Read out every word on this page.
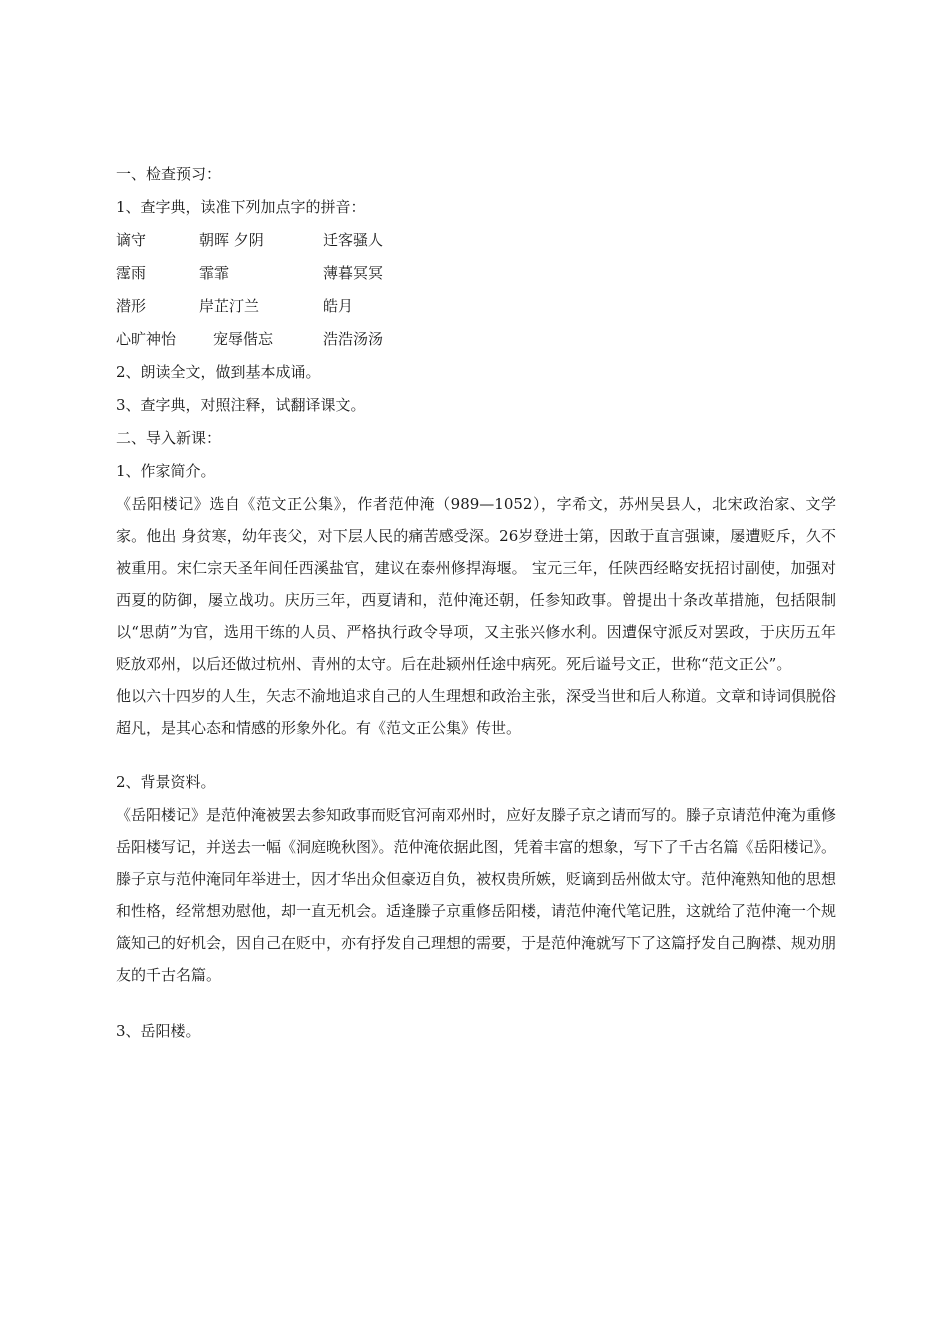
一、检查预习：
1、查字典，读准下列加点字的拼音：
谪守	朝晖 夕阴	迁客骚人
霪雨	霏霏	薄暮冥冥
潜形	岸芷汀兰	皓月
心旷神怡	宠辱偕忘	浩浩汤汤
2、朗读全文，做到基本成诵。
3、查字典，对照注释，试翻译课文。
二、导入新课：
1、作家简介。

《岳阳楼记》选自《范文正公集》，作者范仲淹（989—1052），字希文，苏州吴县人，北宋政治家、文学家。他出 身贫寒，幼年丧父，对下层人民的痛苦感受深。26岁登进士第，因敢于直言强谏，屡遭贬斥，久不被重用。宋仁宗天圣年间任西溪盐官，建议在泰州修捍海堰。 宝元三年，任陕西经略安抚招讨副使，加强对西夏的防御，屡立战功。庆历三年，西夏请和，范仲淹还朝，任参知政事。曾提出十条改革措施，包括限制以“思荫”为官，选用干练的人员、严格执行政令导项，又主张兴修水利。因遭保守派反对罢政，于庆历五年贬放邓州，以后还做过杭州、青州的太守。后在赴颍州任途中病死。死后谥号文正，世称“范文正公”。

他以六十四岁的人生，矢志不渝地追求自己的人生理想和政治主张，深受当世和后人称道。文章和诗词俱脱俗超凡，是其心态和情感的形象外化。有《范文正公集》传世。

2、背景资料。

《岳阳楼记》是范仲淹被罢去参知政事而贬官河南邓州时，应好友滕子京之请而写的。滕子京请范仲淹为重修岳阳楼写记，并送去一幅《洞庭晚秋图》。范仲淹依据此图，凭着丰富的想象，写下了千古名篇《岳阳楼记》。滕子京与范仲淹同年举进士，因才华出众但豪迈自负，被权贵所嫉，贬谪到岳州做太守。范仲淹熟知他的思想和性格，经常想劝慰他，却一直无机会。适逢滕子京重修岳阳楼，请范仲淹代笔记胜，这就给了范仲淹一个规箴知己的好机会，因自己在贬中，亦有抒发自己理想的需要，于是范仲淹就写下了这篇抒发自己胸襟、规劝朋友的千古名篇。

3、岳阳楼。
